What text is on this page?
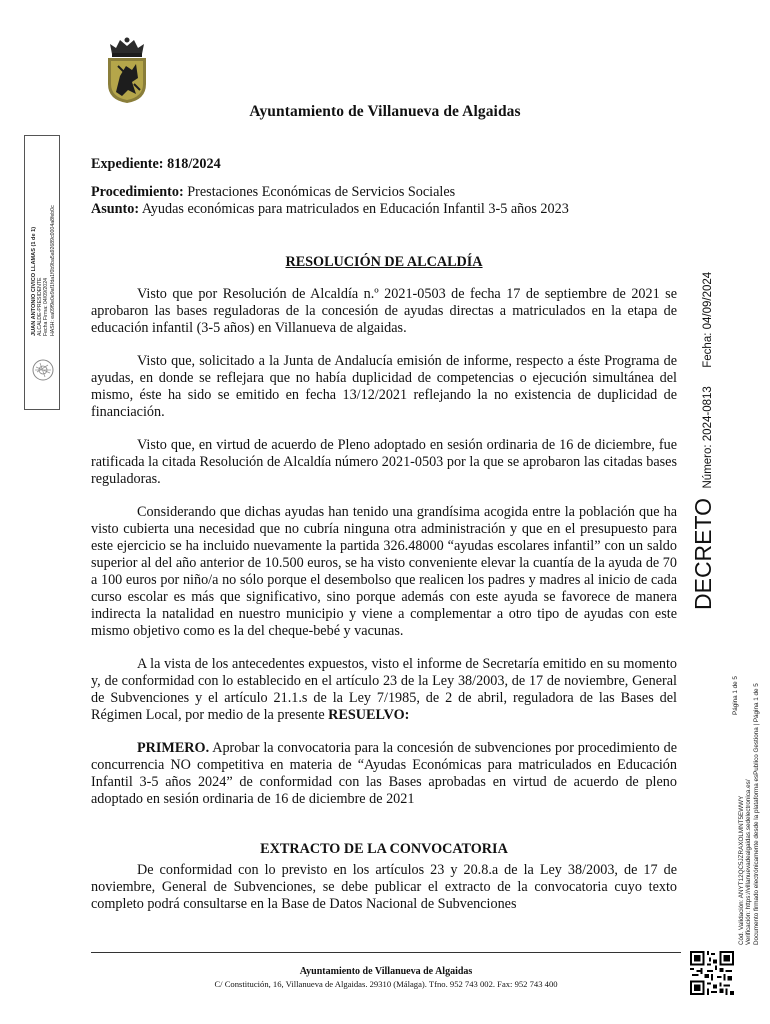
Ayuntamiento de Villanueva de Algaidas
JUAN ANTONIO CIVICO LLAMAS (1 de 1) ALCALDE-PRESIDENTE Fecha Firma: 04/09/2024 HASH: ea09f9e0e9af1fda1f0b9ba5a92689c0004a8feb0c

Expediente: 818/2024

Procedimiento: Prestaciones Económicas de Servicios Sociales

Asunto: Ayudas económicas para matriculados en Educación Infantil 3-5 años 2023

RESOLUCIÓN DE ALCALDÍA

Visto que por Resolución de Alcaldía n.º 2021-0503 de fecha 17 de septiembre de 2021 se aprobaron las bases reguladoras de la concesión de ayudas directas a matriculados en la etapa de educación infantil (3-5 años) en Villanueva de algaidas.

Visto que, solicitado a la Junta de Andalucía emisión de informe, respecto a éste Programa de ayudas, en donde se reflejara que no había duplicidad de competencias o ejecución simultánea del mismo, éste ha sido se emitido en fecha 13/12/2021 reflejando la no existencia de duplicidad de financiación.

Visto que, en virtud de acuerdo de Pleno adoptado en sesión ordinaria de 16 de diciembre, fue ratificada la citada Resolución de Alcaldía número 2021-0503 por la que se aprobaron las citadas bases reguladoras.

Considerando que dichas ayudas han tenido una grandísima acogida entre la población que ha visto cubierta una necesidad que no cubría ninguna otra administración y que en el presupuesto para este ejercicio se ha incluido nuevamente la partida 326.48000 “ayudas escolares infantil” con un saldo superior al del año anterior de 10.500 euros, se ha visto conveniente elevar la cuantía de la ayuda de 70 a 100 euros por niño/a no sólo porque el desembolso que realicen los padres y madres al inicio de cada curso escolar es más que significativo, sino porque además con este ayuda se favorece de manera indirecta la natalidad en nuestro municipio y viene a complementar a otro tipo de ayudas con este mismo objetivo como es la del cheque-bebé y vacunas.

A la vista de los antecedentes expuestos, visto el informe de Secretaría emitido en su momento y, de conformidad con lo establecido en el artículo 23 de la Ley 38/2003, de 17 de noviembre, General de Subvenciones y el artículo 21.1.s de la Ley 7/1985, de 2 de abril, reguladora de las Bases del Régimen Local, por medio de la presente RESUELVO:

PRIMERO. Aprobar la convocatoria para la concesión de subvenciones por procedimiento de concurrencia NO competitiva en materia de “Ayudas Económicas para matriculados en Educación Infantil 3-5 años 2024” de conformidad con las Bases aprobadas en virtud de acuerdo de pleno adoptado en sesión ordinaria de 16 de diciembre de 2021

EXTRACTO DE LA CONVOCATORIA

De conformidad con lo previsto en los artículos 23 y 20.8.a de la Ley 38/2003, de 17 de noviembre, General de Subvenciones, se debe publicar el extracto de la convocatoria cuyo texto completo podrá consultarse en la Base de Datos Nacional de Subvenciones

DECRETO Número: 2024-0813 Fecha: 04/09/2024
Página 1 de 5
Cód. Validación: ANYT12QC5JZRAXOLMNT5EWWY Verificación: https://villanuevadealgaidas.sedelectronica.es/ Documento firmado electrónicamente desde la plataforma esPublico Gestiona | Página 1 de 5
Ayuntamiento de Villanueva de Algaidas
C/ Constitución, 16, Villanueva de Algaidas. 29310 (Málaga). Tfno. 952 743 002. Fax: 952 743 400
